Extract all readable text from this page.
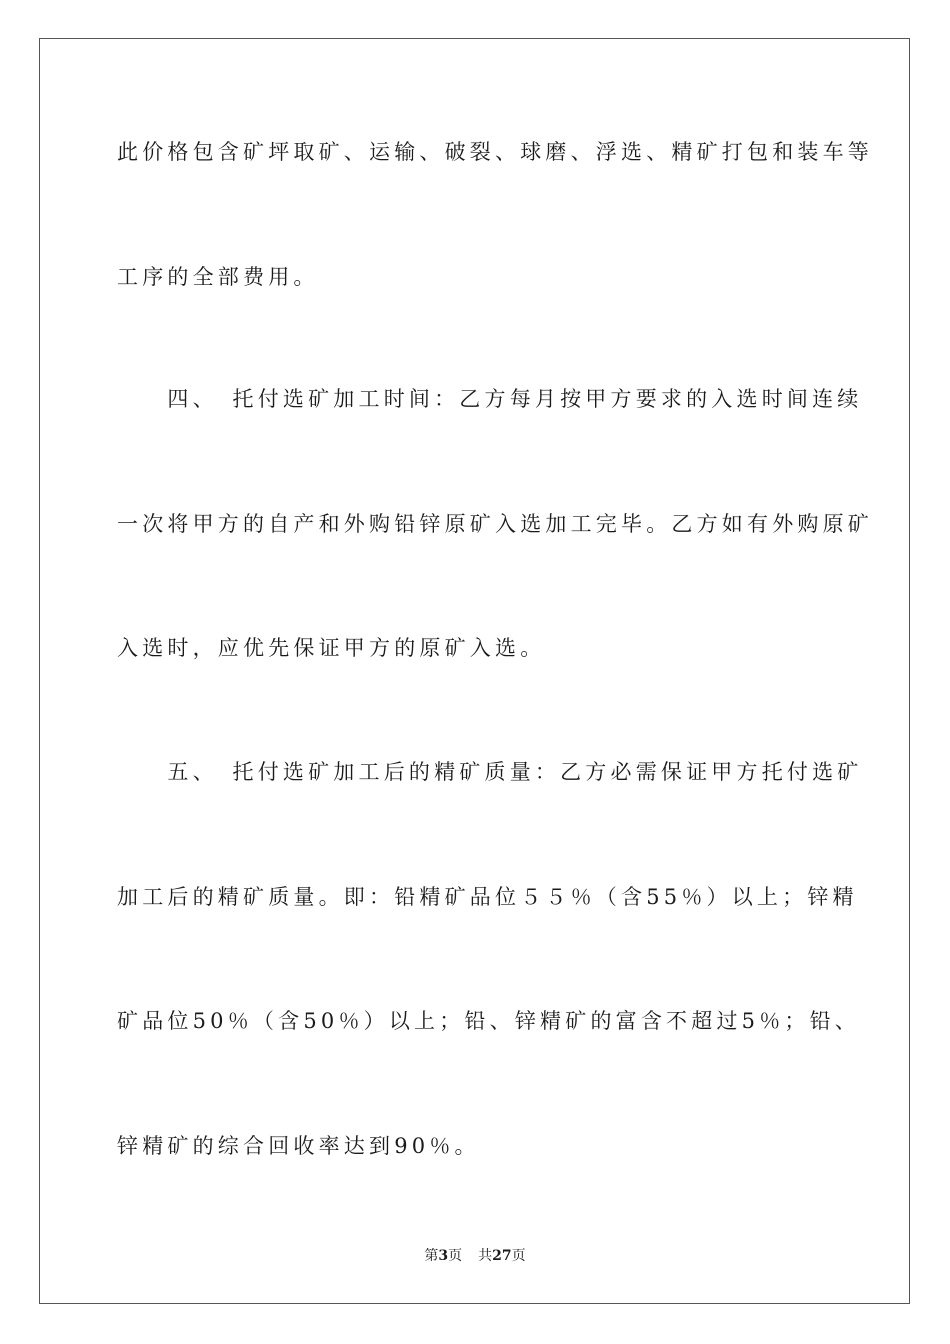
此价格包含矿坪取矿、运输、破裂、球磨、浮选、精矿打包和装车等
工序的全部费用。
　　四、　托付选矿加工时间：乙方每月按甲方要求的入选时间连续
一次将甲方的自产和外购铅锌原矿入选加工完毕。乙方如有外购原矿
入选时，应优先保证甲方的原矿入选。
　　五、　托付选矿加工后的精矿质量：乙方必需保证甲方托付选矿
加工后的精矿质量。即：铅精矿品位５５％（含55％）以上；锌精
矿品位50％（含50％）以上；铅、锌精矿的富含不超过5％；铅、
锌精矿的综合回收率达到90％。
第3页 共27页
